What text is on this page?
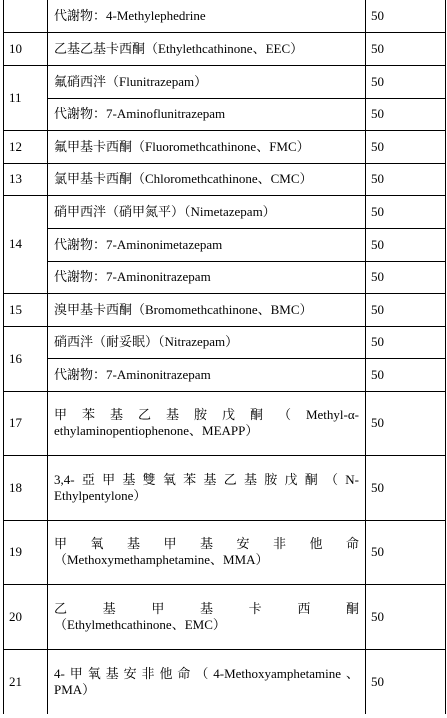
	代謝物：4-Methylephedrine	50
10	乙基乙基卡西酮（Ethylethcathinone、EEC）	50
11	氟硝西泮（Flunitrazepam）	50
	代謝物：7-Aminoflunitrazepam	50
12	氟甲基卡西酮（Fluoromethcathinone、FMC）	50
13	氯甲基卡西酮（Chloromethcathinone、CMC）	50
14	硝甲西泮（硝甲氮平）（Nimetazepam）	50
	代謝物：7-Aminonimetazepam	50
	代謝物：7-Aminonitrazepam	50
15	溴甲基卡西酮（Bromomethcathinone、BMC）	50
16	硝西泮（耐妥眠）（Nitrazepam）	50
	代謝物：7-Aminonitrazepam	50
17	甲苯基乙基胺戊酮（Methyl-α-
ethylaminopentiophenone、MEAPP）	50
18	3,4-亞甲基雙氧苯基乙基胺戊酮（N-
Ethylpentylone）	50
19	甲氧基甲基安非他命
（Methoxymethamphetamine、MMA）	50
20	乙基甲基卡西酮
（Ethylmethcathinone、EMC）	50
21	4-甲氧基安非他命（4-Methoxyamphetamine、
PMA）	50
